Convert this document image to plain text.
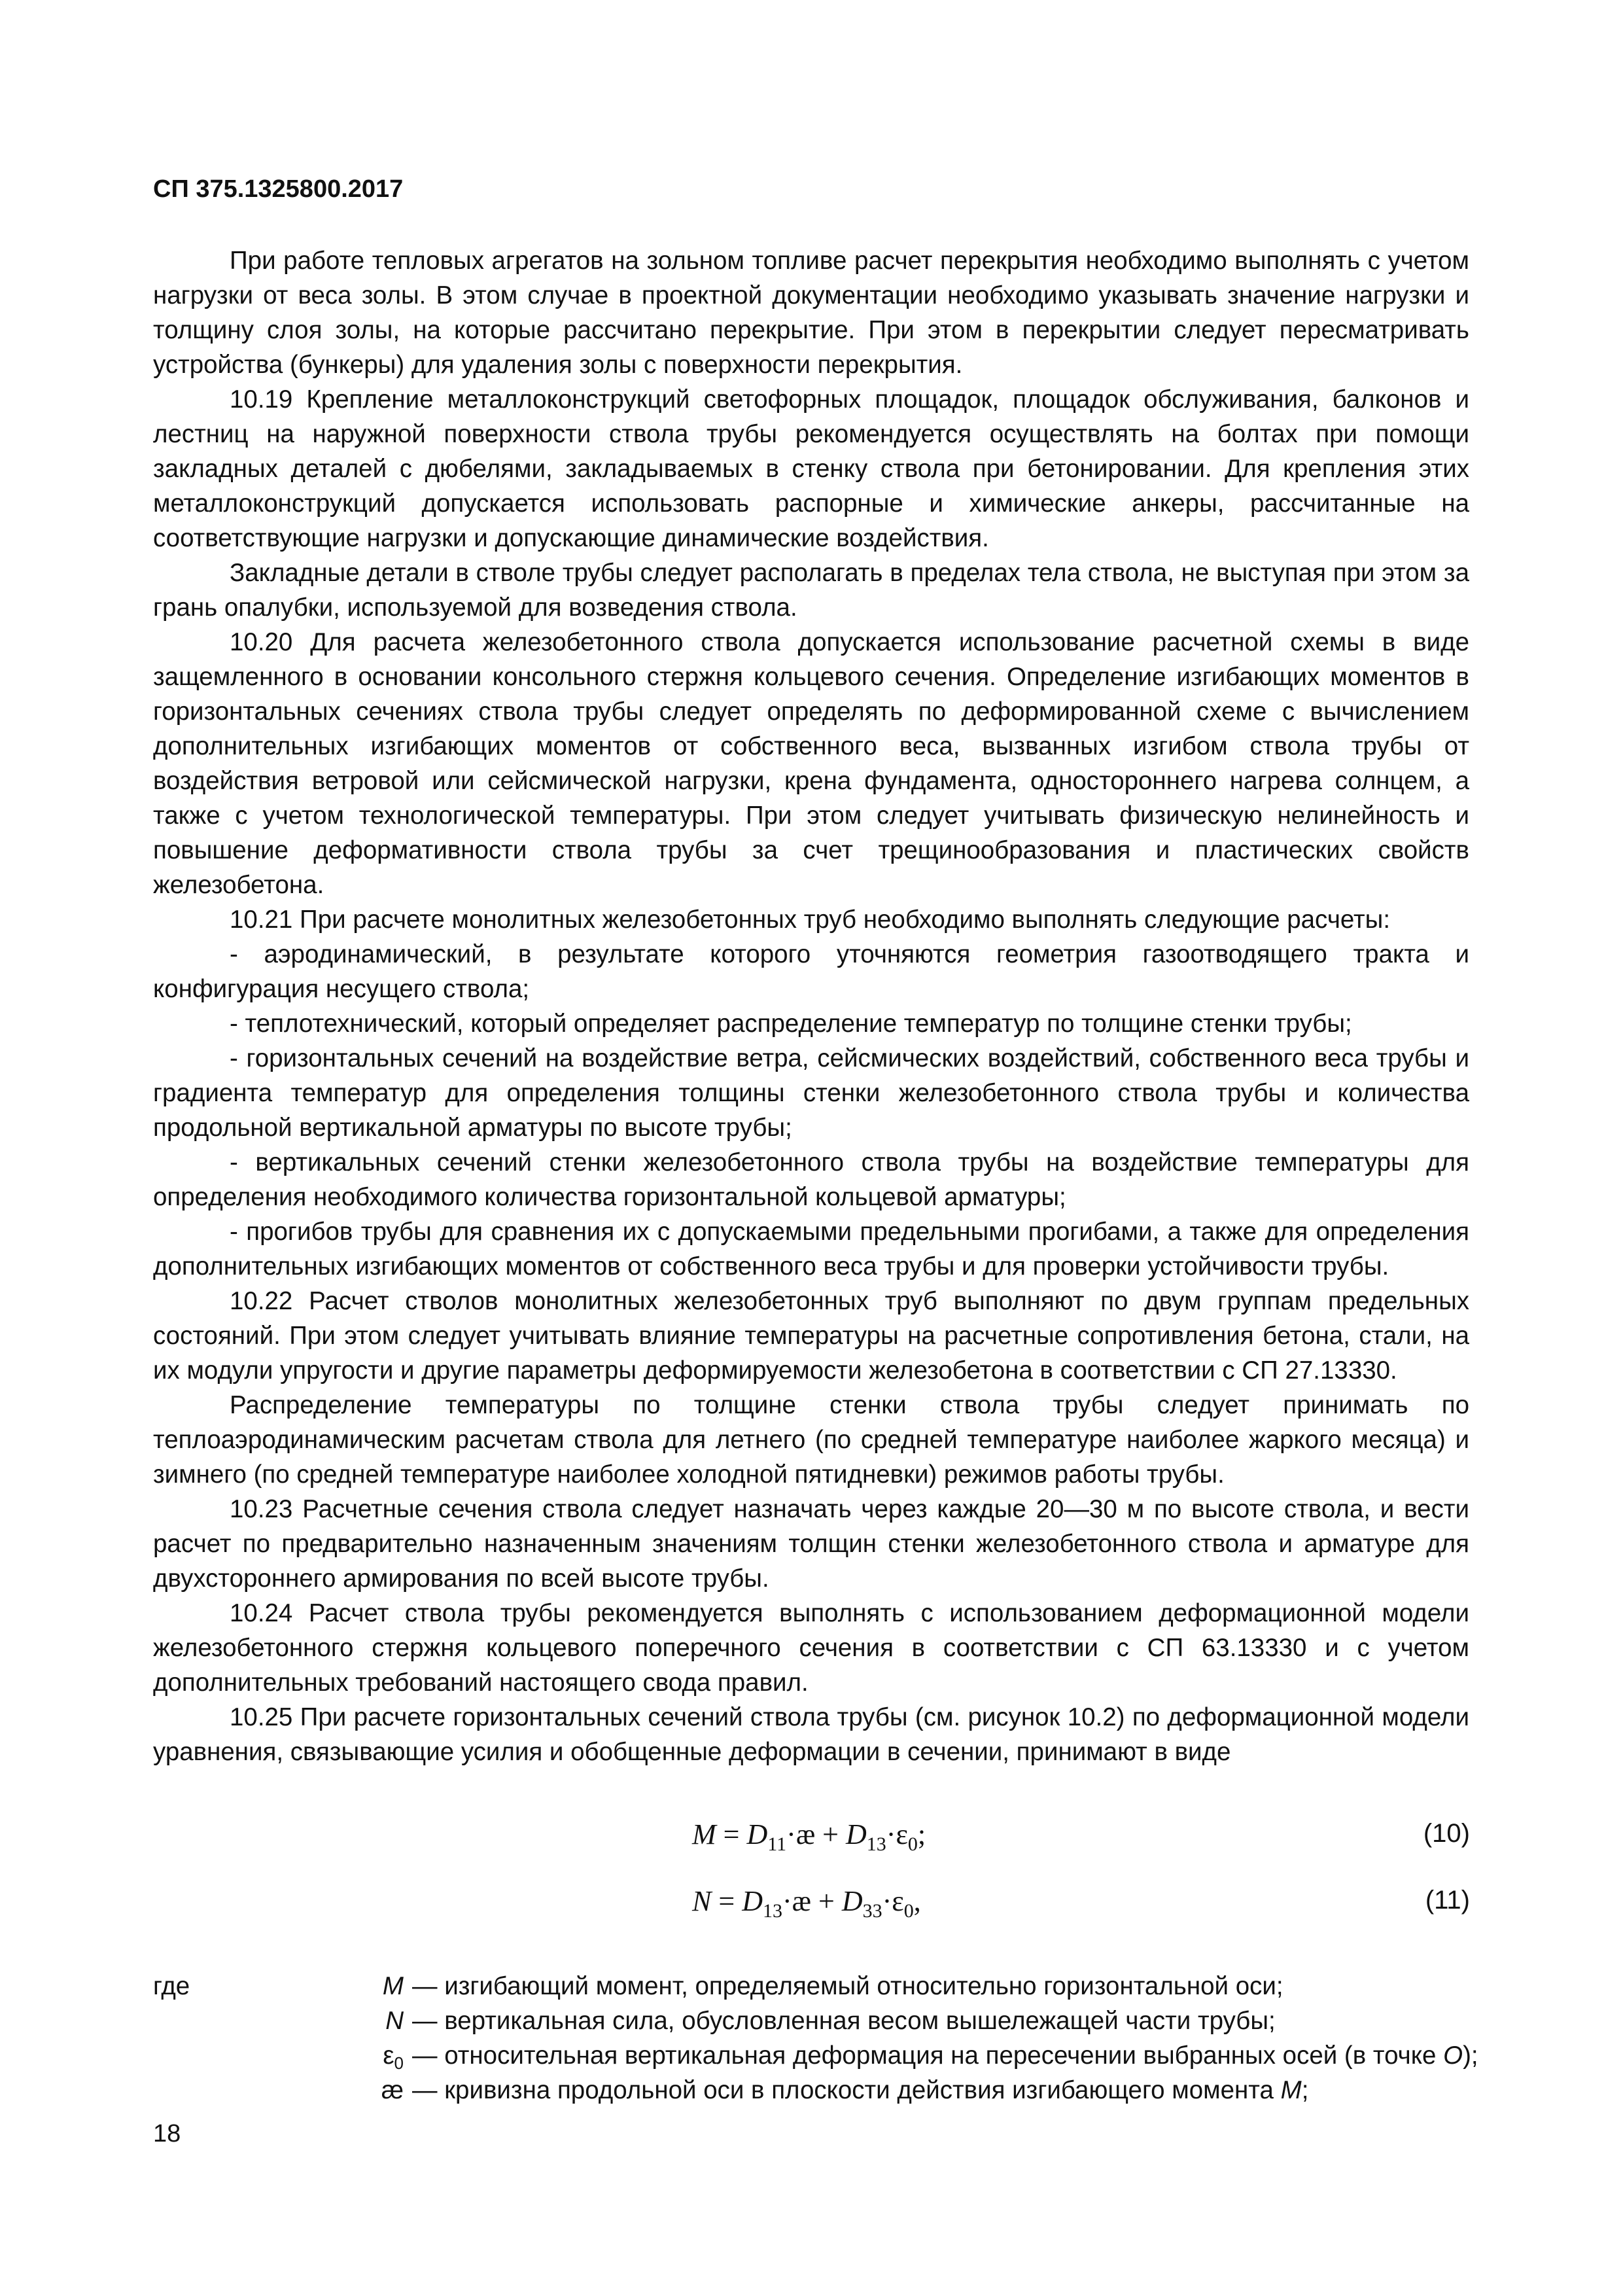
СП 375.1325800.2017

При работе тепловых агрегатов на зольном топливе расчет перекрытия необходимо выполнять с учетом нагрузки от веса золы. В этом случае в проектной документации необходимо указывать значение нагрузки и толщину слоя золы, на которые рассчитано перекрытие. При этом в перекрытии следует пересматривать устройства (бункеры) для удаления золы с поверхности перекрытия.

10.19 Крепление металлоконструкций светофорных площадок, площадок обслуживания, балконов и лестниц на наружной поверхности ствола трубы рекомендуется осуществлять на болтах при помощи закладных деталей с дюбелями, закладываемых в стенку ствола при бетонировании. Для крепления этих металлоконструкций допускается использовать распорные и химические анкеры, рассчитанные на соответствующие нагрузки и допускающие динамические воздействия.

Закладные детали в стволе трубы следует располагать в пределах тела ствола, не выступая при этом за грань опалубки, используемой для возведения ствола.

10.20 Для расчета железобетонного ствола допускается использование расчетной схемы в виде защемленного в основании консольного стержня кольцевого сечения. Определение изгибающих моментов в горизонтальных сечениях ствола трубы следует определять по деформированной схеме с вычислением дополнительных изгибающих моментов от собственного веса, вызванных изгибом ствола трубы от воздействия ветровой или сейсмической нагрузки, крена фундамента, одностороннего нагрева солнцем, а также с учетом технологической температуры. При этом следует учитывать физическую нелинейность и повышение деформативности ствола трубы за счет трещинообразования и пластических свойств железобетона.

10.21 При расчете монолитных железобетонных труб необходимо выполнять следующие расчеты:

- аэродинамический, в результате которого уточняются геометрия газоотводящего тракта и конфигурация несущего ствола;

- теплотехнический, который определяет распределение температур по толщине стенки трубы;

- горизонтальных сечений на воздействие ветра, сейсмических воздействий, собственного веса трубы и градиента температур для определения толщины стенки железобетонного ствола трубы и количества продольной вертикальной арматуры по высоте трубы;

- вертикальных сечений стенки железобетонного ствола трубы на воздействие температуры для определения необходимого количества горизонтальной кольцевой арматуры;

- прогибов трубы для сравнения их с допускаемыми предельными прогибами, а также для определения дополнительных изгибающих моментов от собственного веса трубы и для проверки устойчивости трубы.

10.22 Расчет стволов монолитных железобетонных труб выполняют по двум группам предельных состояний. При этом следует учитывать влияние температуры на расчетные сопротивления бетона, стали, на их модули упругости и другие параметры деформируемости железобетона в соответствии с СП 27.13330.

Распределение температуры по толщине стенки ствола трубы следует принимать по теплоаэродинамическим расчетам ствола для летнего (по средней температуре наиболее жаркого месяца) и зимнего (по средней температуре наиболее холодной пятидневки) режимов работы трубы.

10.23 Расчетные сечения ствола следует назначать через каждые 20—30 м по высоте ствола, и вести расчет по предварительно назначенным значениям толщин стенки железобетонного ствола и арматуре для двухстороннего армирования по всей высоте трубы.

10.24 Расчет ствола трубы рекомендуется выполнять с использованием деформационной модели железобетонного стержня кольцевого поперечного сечения в соответствии с СП 63.13330 и с учетом дополнительных требований настоящего свода правил.

10.25 При расчете горизонтальных сечений ствола трубы (см. рисунок 10.2) по деформационной модели уравнения, связывающие усилия и обобщенные деформации в сечении, принимают в виде

$M = D_{11}\cdot æ + D_{13}\cdot\varepsilon_0$;	(10)
$N = D_{13}\cdot æ + D_{33}\cdot\varepsilon_0$,	(11)
где	M — изгибающий момент, определяемый относительно горизонтальной оси;
N — вертикальная сила, обусловленная весом вышележащей части трубы;
$\varepsilon_0$ — относительная вертикальная деформация на пересечении выбранных осей (в точке O);
æ — кривизна продольной оси в плоскости действия изгибающего момента M;
18
